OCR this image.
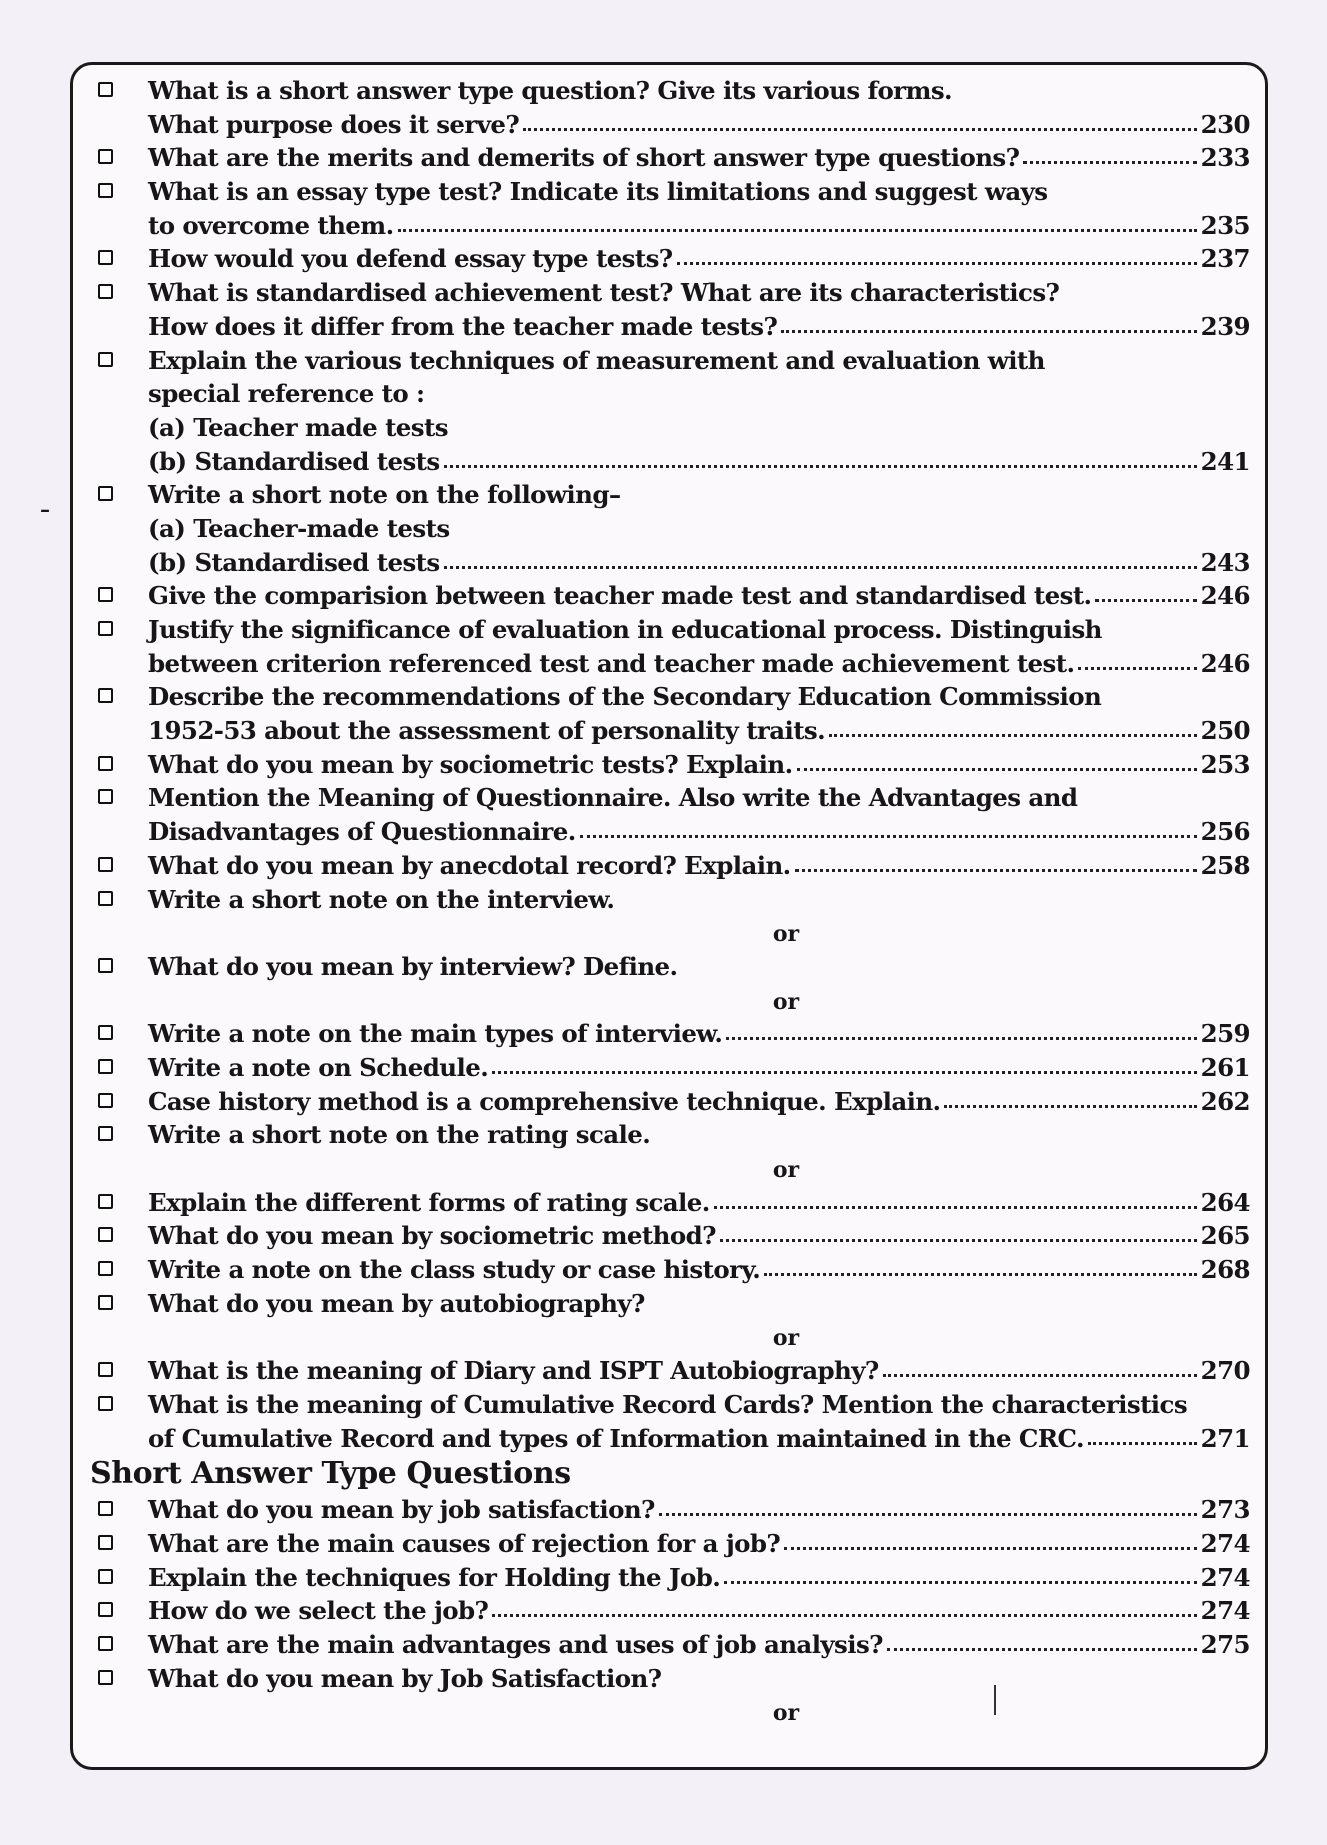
–
What is a short answer type question? Give its various forms.
What purpose does it serve?	230
What are the merits and demerits of short answer type questions?	233
What is an essay type test? Indicate its limitations and suggest ways
to overcome them.	235
How would you defend essay type tests?	237
What is standardised achievement test? What are its characteristics?
How does it differ from the teacher made tests?	239
Explain the various techniques of measurement and evaluation with
special reference to :
(a) Teacher made tests
(b) Standardised tests	241
Write a short note on the following–
(a) Teacher-made tests
(b) Standardised tests	243
Give the comparision between teacher made test and standardised test.	246
Justify the significance of evaluation in educational process. Distinguish
between criterion referenced test and teacher made achievement test.	246
Describe the recommendations of the Secondary Education Commission
1952-53 about the assessment of personality traits.	250
What do you mean by sociometric tests? Explain.	253
Mention the Meaning of Questionnaire. Also write the Advantages and
Disadvantages of Questionnaire.	256
What do you mean by anecdotal record? Explain.	258
Write a short note on the interview.
or
What do you mean by interview? Define.
or
Write a note on the main types of interview.	259
Write a note on Schedule.	261
Case history method is a comprehensive technique. Explain.	262
Write a short note on the rating scale.
or
Explain the different forms of rating scale.	264
What do you mean by sociometric method?	265
Write a note on the class study or case history.	268
What do you mean by autobiography?
or
What is the meaning of Diary and ISPT Autobiography?	270
What is the meaning of Cumulative Record Cards? Mention the characteristics
of Cumulative Record and types of Information maintained in the CRC.	271
Short Answer Type Questions
What do you mean by job satisfaction?	273
What are the main causes of rejection for a job?	274
Explain the techniques for Holding the Job.	274
How do we select the job?	274
What are the main advantages and uses of job analysis?	275
What do you mean by Job Satisfaction?
or
